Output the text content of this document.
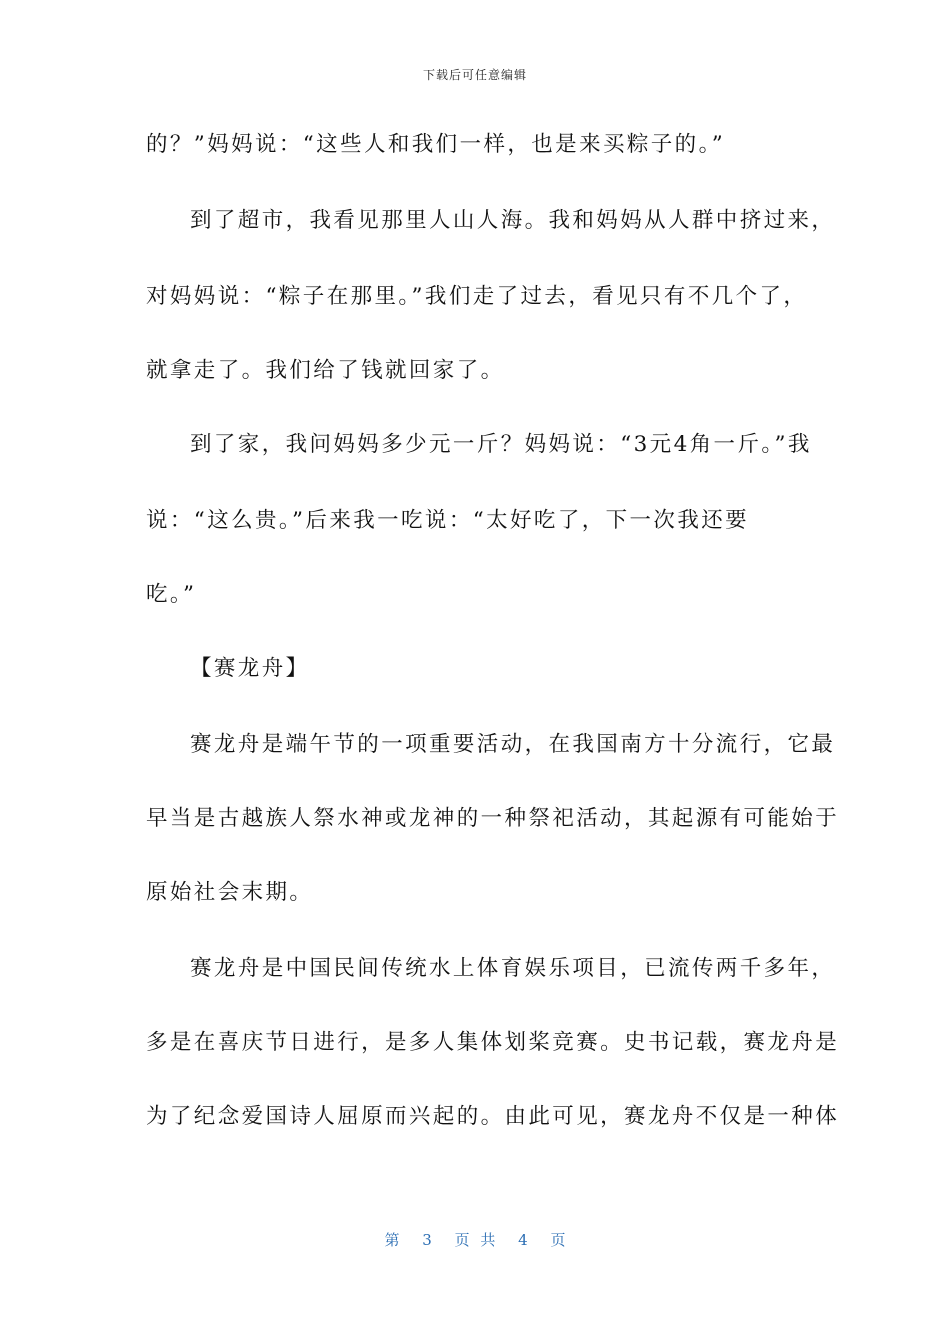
下载后可任意编辑
的？”妈妈说：“这些人和我们一样，也是来买粽子的。”
到了超市，我看见那里人山人海。我和妈妈从人群中挤过来，
对妈妈说：“粽子在那里。”我们走了过去，看见只有不几个了，
就拿走了。我们给了钱就回家了。
到了家，我问妈妈多少元一斤？妈妈说：“3元4角一斤。”我
说：“这么贵。”后来我一吃说：“太好吃了，下一次我还要
吃。”
【赛龙舟】
赛龙舟是端午节的一项重要活动，在我国南方十分流行，它最
早当是古越族人祭水神或龙神的一种祭祀活动，其起源有可能始于
原始社会末期。
赛龙舟是中国民间传统水上体育娱乐项目，已流传两千多年，
多是在喜庆节日进行，是多人集体划桨竞赛。史书记载，赛龙舟是
为了纪念爱国诗人屈原而兴起的。由此可见，赛龙舟不仅是一种体
第 3 页 共 4 页
